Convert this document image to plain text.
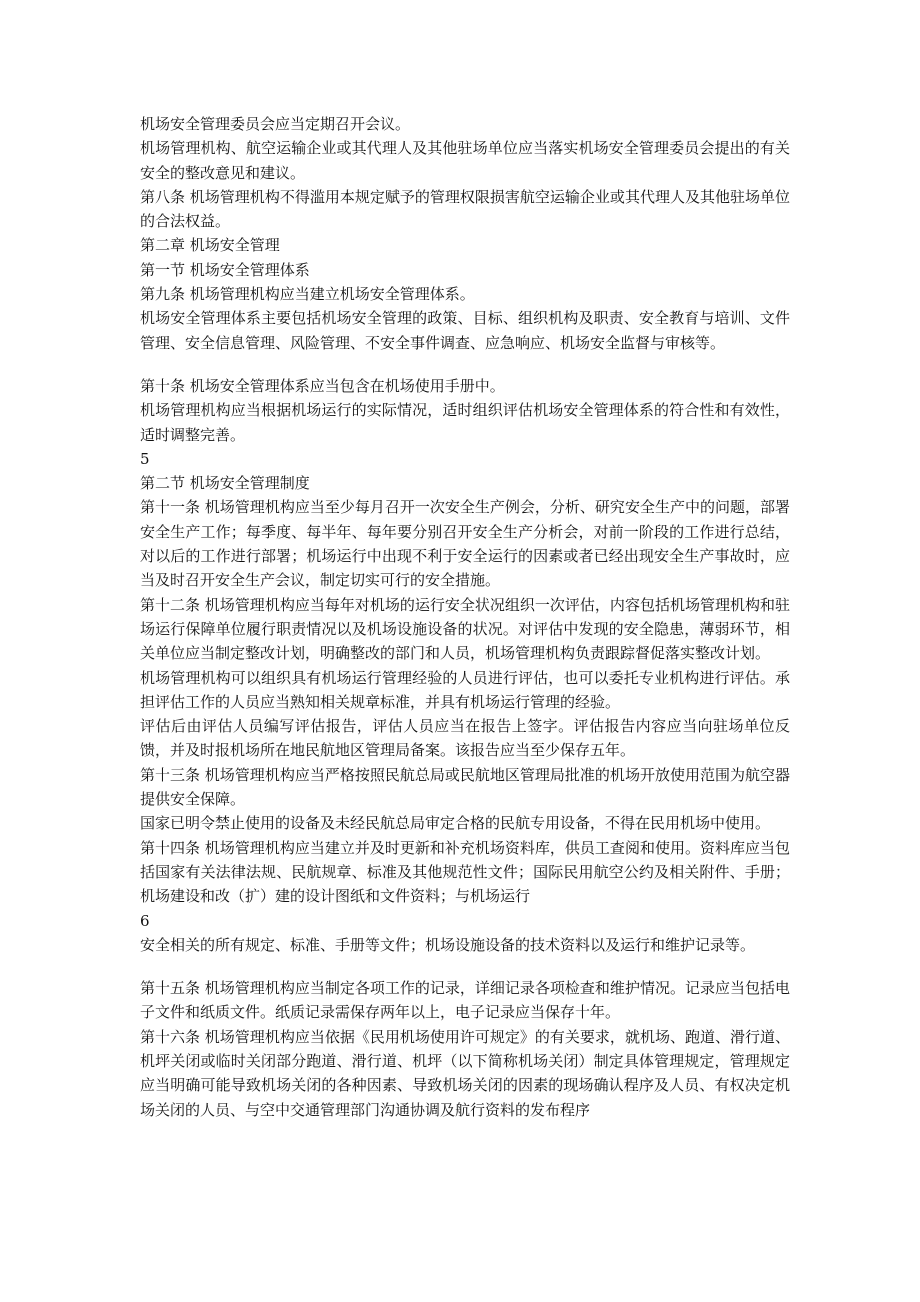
机场安全管理委员会应当定期召开会议。

机场管理机构、航空运输企业或其代理人及其他驻场单位应当落实机场安全管理委员会提出的有关安全的整改意见和建议。

第八条 机场管理机构不得滥用本规定赋予的管理权限损害航空运输企业或其代理人及其他驻场单位的合法权益。

第二章 机场安全管理

第一节 机场安全管理体系

第九条 机场管理机构应当建立机场安全管理体系。

机场安全管理体系主要包括机场安全管理的政策、目标、组织机构及职责、安全教育与培训、文件管理、安全信息管理、风险管理、不安全事件调查、应急响应、机场安全监督与审核等。

第十条 机场安全管理体系应当包含在机场使用手册中。

机场管理机构应当根据机场运行的实际情况，适时组织评估机场安全管理体系的符合性和有效性，适时调整完善。

5

第二节 机场安全管理制度

第十一条 机场管理机构应当至少每月召开一次安全生产例会，分析、研究安全生产中的问题，部署安全生产工作；每季度、每半年、每年要分别召开安全生产分析会，对前一阶段的工作进行总结，对以后的工作进行部署；机场运行中出现不利于安全运行的因素或者已经出现安全生产事故时，应当及时召开安全生产会议，制定切实可行的安全措施。

第十二条 机场管理机构应当每年对机场的运行安全状况组织一次评估，内容包括机场管理机构和驻场运行保障单位履行职责情况以及机场设施设备的状况。对评估中发现的安全隐患，薄弱环节，相关单位应当制定整改计划，明确整改的部门和人员，机场管理机构负责跟踪督促落实整改计划。

机场管理机构可以组织具有机场运行管理经验的人员进行评估，也可以委托专业机构进行评估。承担评估工作的人员应当熟知相关规章标准，并具有机场运行管理的经验。

评估后由评估人员编写评估报告，评估人员应当在报告上签字。评估报告内容应当向驻场单位反馈，并及时报机场所在地民航地区管理局备案。该报告应当至少保存五年。

第十三条 机场管理机构应当严格按照民航总局或民航地区管理局批准的机场开放使用范围为航空器提供安全保障。

国家已明令禁止使用的设备及未经民航总局审定合格的民航专用设备，不得在民用机场中使用。

第十四条 机场管理机构应当建立并及时更新和补充机场资料库，供员工查阅和使用。资料库应当包括国家有关法律法规、民航规章、标准及其他规范性文件；国际民用航空公约及相关附件、手册；机场建设和改（扩）建的设计图纸和文件资料；与机场运行

6

安全相关的所有规定、标准、手册等文件；机场设施设备的技术资料以及运行和维护记录等。

第十五条 机场管理机构应当制定各项工作的记录，详细记录各项检查和维护情况。记录应当包括电子文件和纸质文件。纸质记录需保存两年以上，电子记录应当保存十年。

第十六条 机场管理机构应当依据《民用机场使用许可规定》的有关要求，就机场、跑道、滑行道、机坪关闭或临时关闭部分跑道、滑行道、机坪（以下简称机场关闭）制定具体管理规定，管理规定应当明确可能导致机场关闭的各种因素、导致机场关闭的因素的现场确认程序及人员、有权决定机场关闭的人员、与空中交通管理部门沟通协调及航行资料的发布程序
